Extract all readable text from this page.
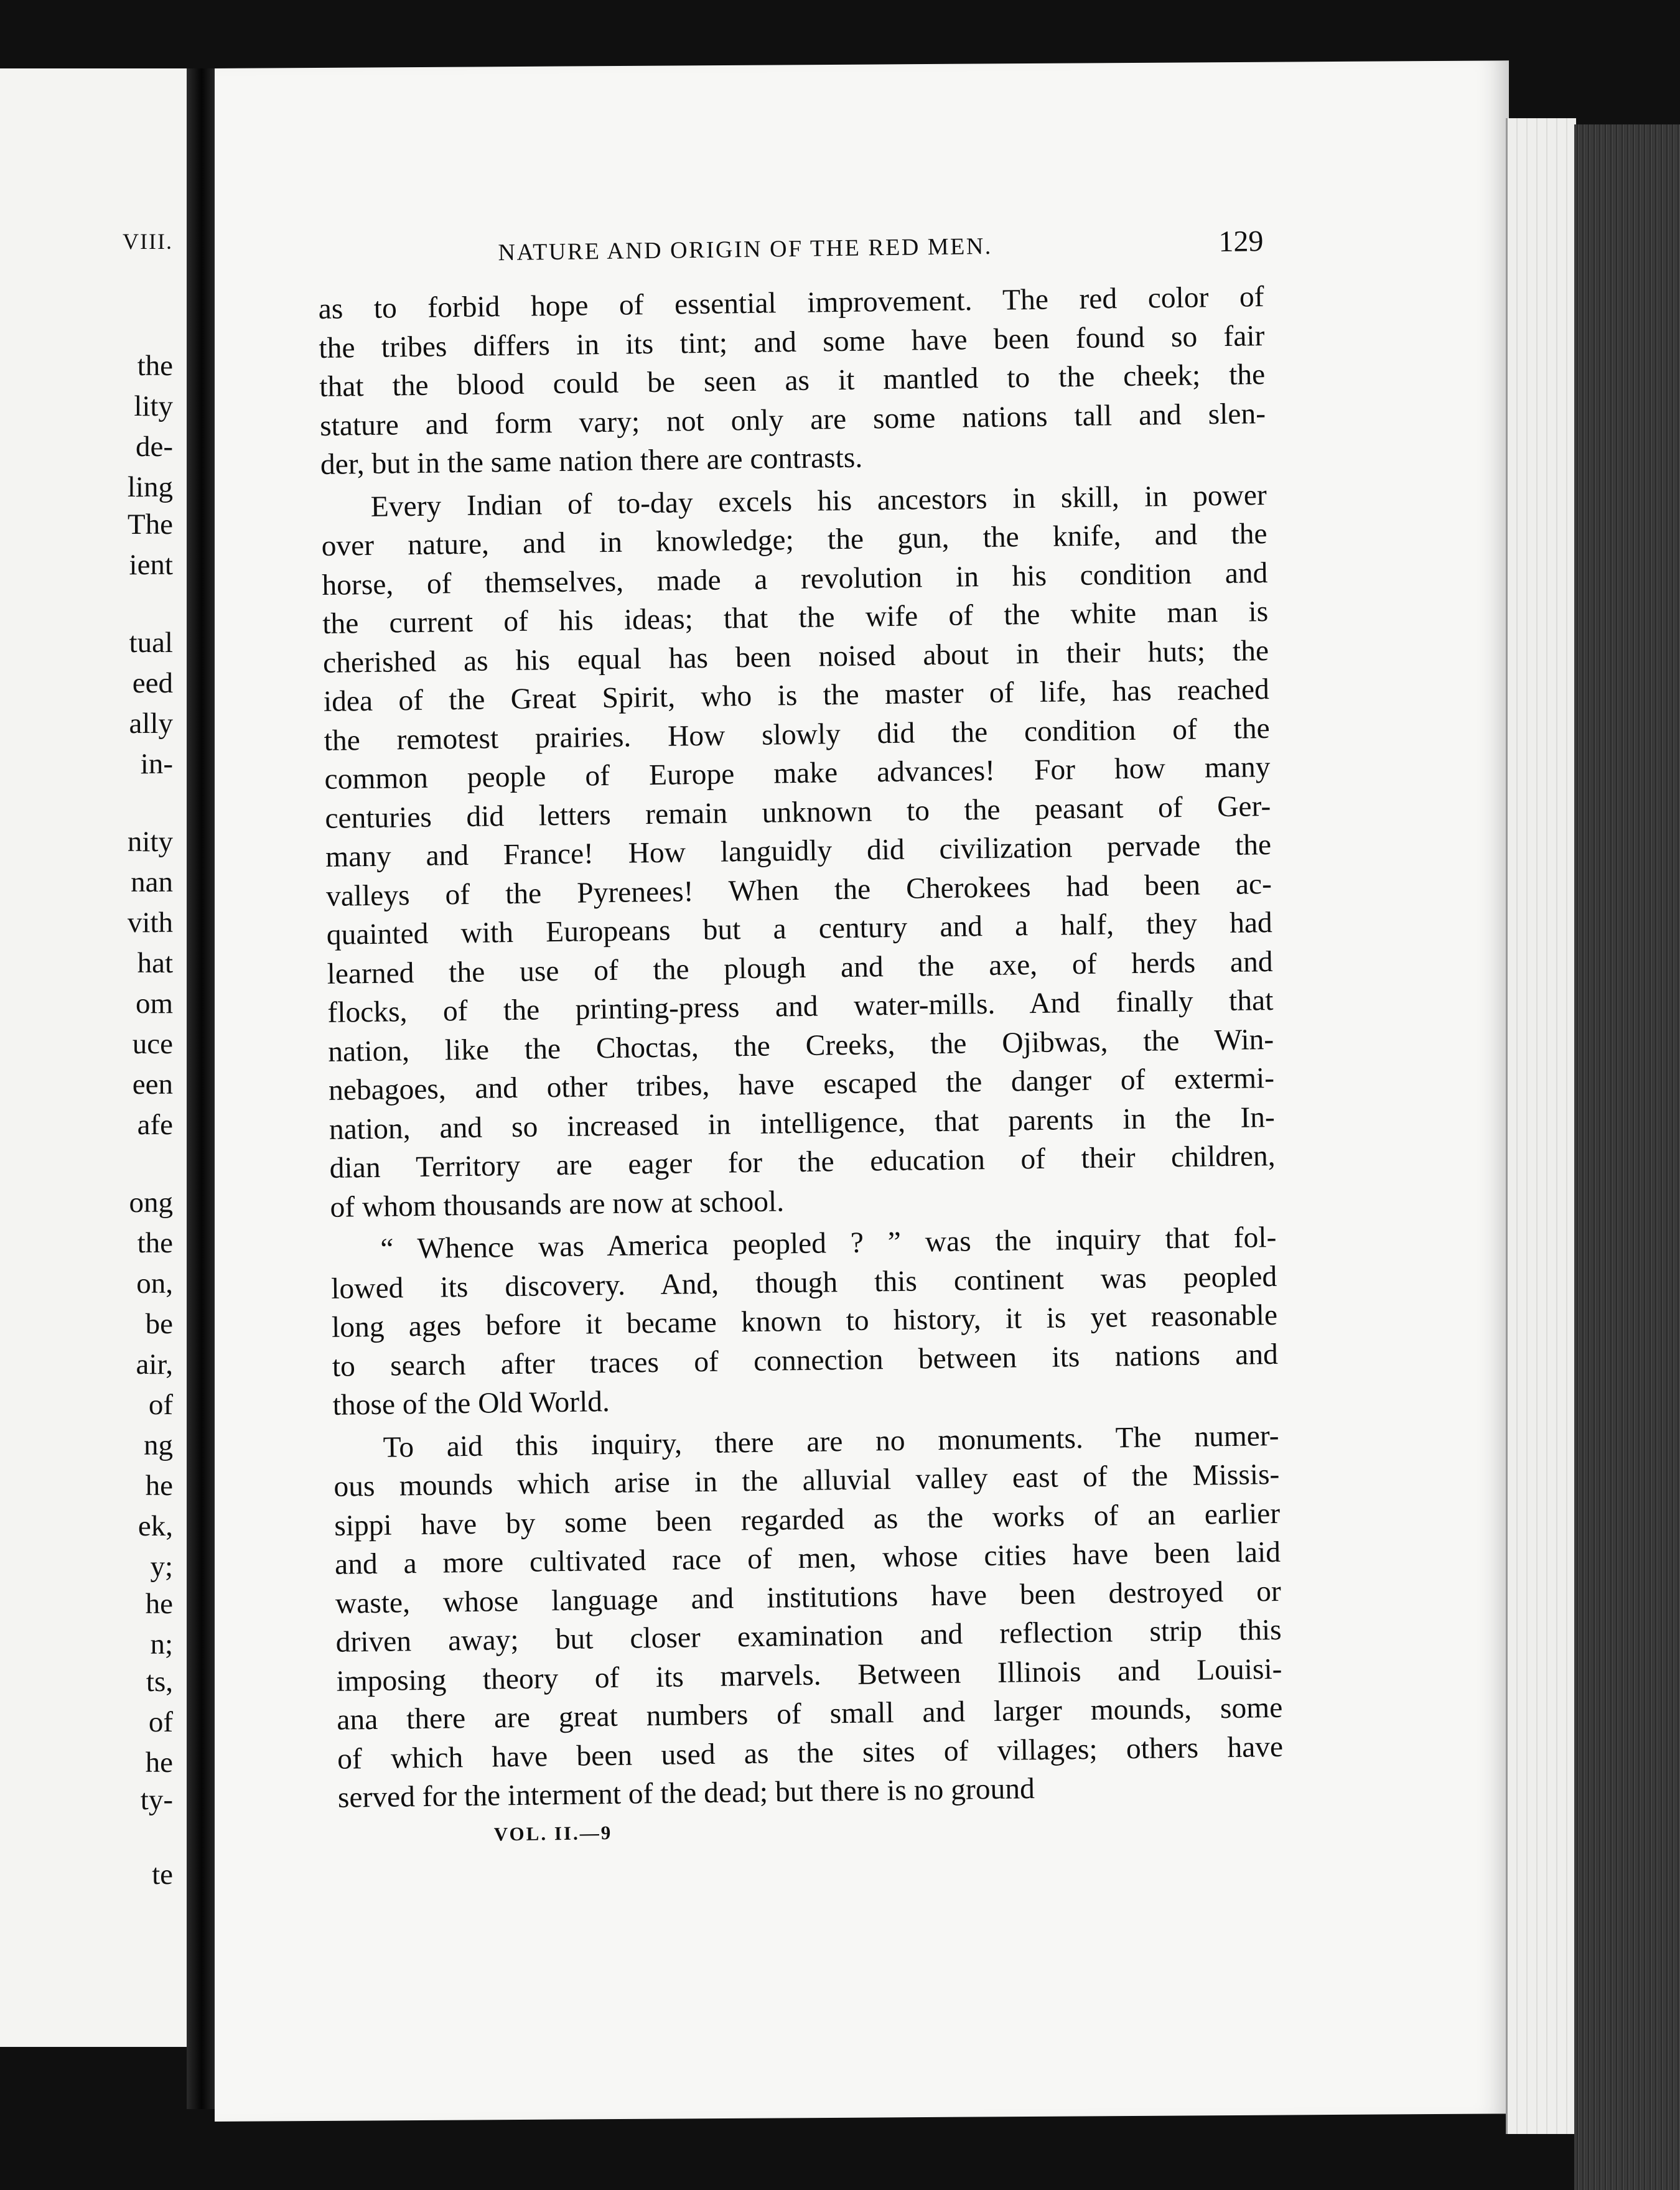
VIII.
the
lity
de-
ling
The
ient
tual
eed
ally
in-
nity
nan
vith
hat
om
uce
een
afe
ong
the
on,
be
air,
of
ng
he
ek,
y;
he
n;
ts,
of
he
ty-
te
NATURE AND ORIGIN OF THE RED MEN.	129
as to forbid hope of essential improvement. The red color of
the tribes differs in its tint; and some have been found so fair
that the blood could be seen as it mantled to the cheek; the
stature and form vary; not only are some nations tall and slen-
der, but in the same nation there are contrasts.
Every Indian of to-day excels his ancestors in skill, in power
over nature, and in knowledge; the gun, the knife, and the
horse, of themselves, made a revolution in his condition and
the current of his ideas; that the wife of the white man is
cherished as his equal has been noised about in their huts; the
idea of the Great Spirit, who is the master of life, has reached
the remotest prairies. How slowly did the condition of the
common people of Europe make advances! For how many
centuries did letters remain unknown to the peasant of Ger-
many and France! How languidly did civilization pervade the
valleys of the Pyrenees! When the Cherokees had been ac-
quainted with Europeans but a century and a half, they had
learned the use of the plough and the axe, of herds and
flocks, of the printing-press and water-mills. And finally that
nation, like the Choctas, the Creeks, the Ojibwas, the Win-
nebagoes, and other tribes, have escaped the danger of extermi-
nation, and so increased in intelligence, that parents in the In-
dian Territory are eager for the education of their children,
of whom thousands are now at school.
“ Whence was America peopled ? ” was the inquiry that fol-
lowed its discovery. And, though this continent was peopled
long ages before it became known to history, it is yet reasonable
to search after traces of connection between its nations and
those of the Old World.
To aid this inquiry, there are no monuments. The numer-
ous mounds which arise in the alluvial valley east of the Missis-
sippi have by some been regarded as the works of an earlier
and a more cultivated race of men, whose cities have been laid
waste, whose language and institutions have been destroyed or
driven away; but closer examination and reflection strip this
imposing theory of its marvels. Between Illinois and Louisi-
ana there are great numbers of small and larger mounds, some
of which have been used as the sites of villages; others have
served for the interment of the dead; but there is no ground
VOL. II.—9
